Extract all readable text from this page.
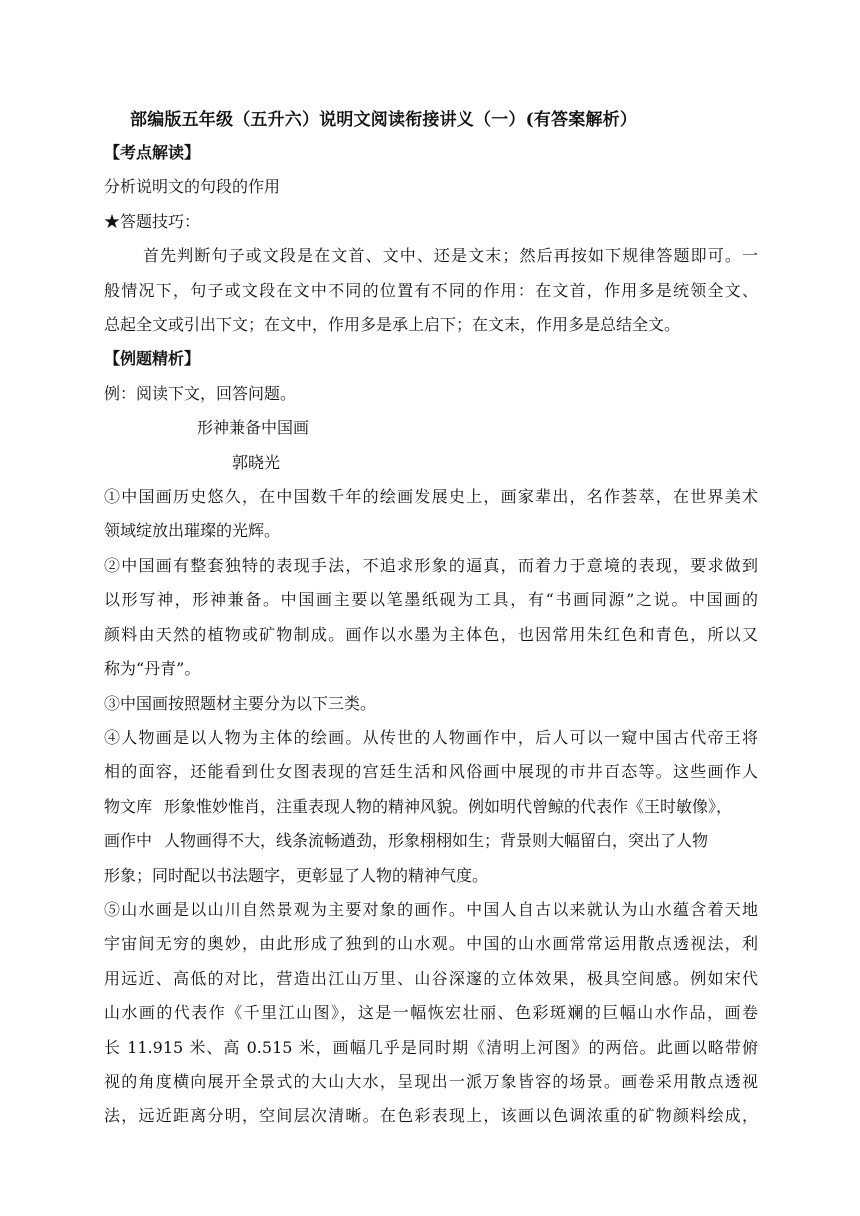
部编版五年级（五升六）说明文阅读衔接讲义（一）(有答案解析）
【考点解读】
分析说明文的句段的作用
★答题技巧：
首先判断句子或文段是在文首、文中、还是文末；然后再按如下规律答题即可。一
般情况下，句子或文段在文中不同的位置有不同的作用：在文首，作用多是统领全文、
总起全文或引出下文；在文中，作用多是承上启下；在文末，作用多是总结全文。
【例题精析】
例：阅读下文，回答问题。
形神兼备中国画
郭晓光
①中国画历史悠久，在中国数千年的绘画发展史上，画家辈出，名作荟萃，在世界美术
领域绽放出璀璨的光辉。
②中国画有整套独特的表现手法，不追求形象的逼真，而着力于意境的表现，要求做到
以形写神，形神兼备。中国画主要以笔墨纸砚为工具，有“书画同源”之说。中国画的
颜料由天然的植物或矿物制成。画作以水墨为主体色，也因常用朱红色和青色，所以又
称为“丹青”。
③中国画按照题材主要分为以下三类。
④人物画是以人物为主体的绘画。从传世的人物画作中，后人可以一窥中国古代帝王将
相的面容，还能看到仕女图表现的宫廷生活和风俗画中展现的市井百态等。这些画作人
物文库 形象惟妙惟肖，注重表现人物的精神风貌。例如明代曾鲸的代表作《王时敏像》，
画作中 人物画得不大，线条流畅遒劲，形象栩栩如生；背景则大幅留白，突出了人物
形象；同时配以书法题字，更彰显了人物的精神气度。
⑤山水画是以山川自然景观为主要对象的画作。中国人自古以来就认为山水蕴含着天地
宇宙间无穷的奥妙，由此形成了独到的山水观。中国的山水画常常运用散点透视法，利
用远近、高低的对比，营造出江山万里、山谷深邃的立体效果，极具空间感。例如宋代
山水画的代表作《千里江山图》，这是一幅恢宏壮丽、色彩斑斓的巨幅山水作品，画卷
长 11.915 米、高 0.515 米，画幅几乎是同时期《清明上河图》的两倍。此画以略带俯
视的角度横向展开全景式的大山大水，呈现出一派万象皆容的场景。画卷采用散点透视
法，远近距离分明，空间层次清晰。在色彩表现上，该画以色调浓重的矿物颜料绘成，
